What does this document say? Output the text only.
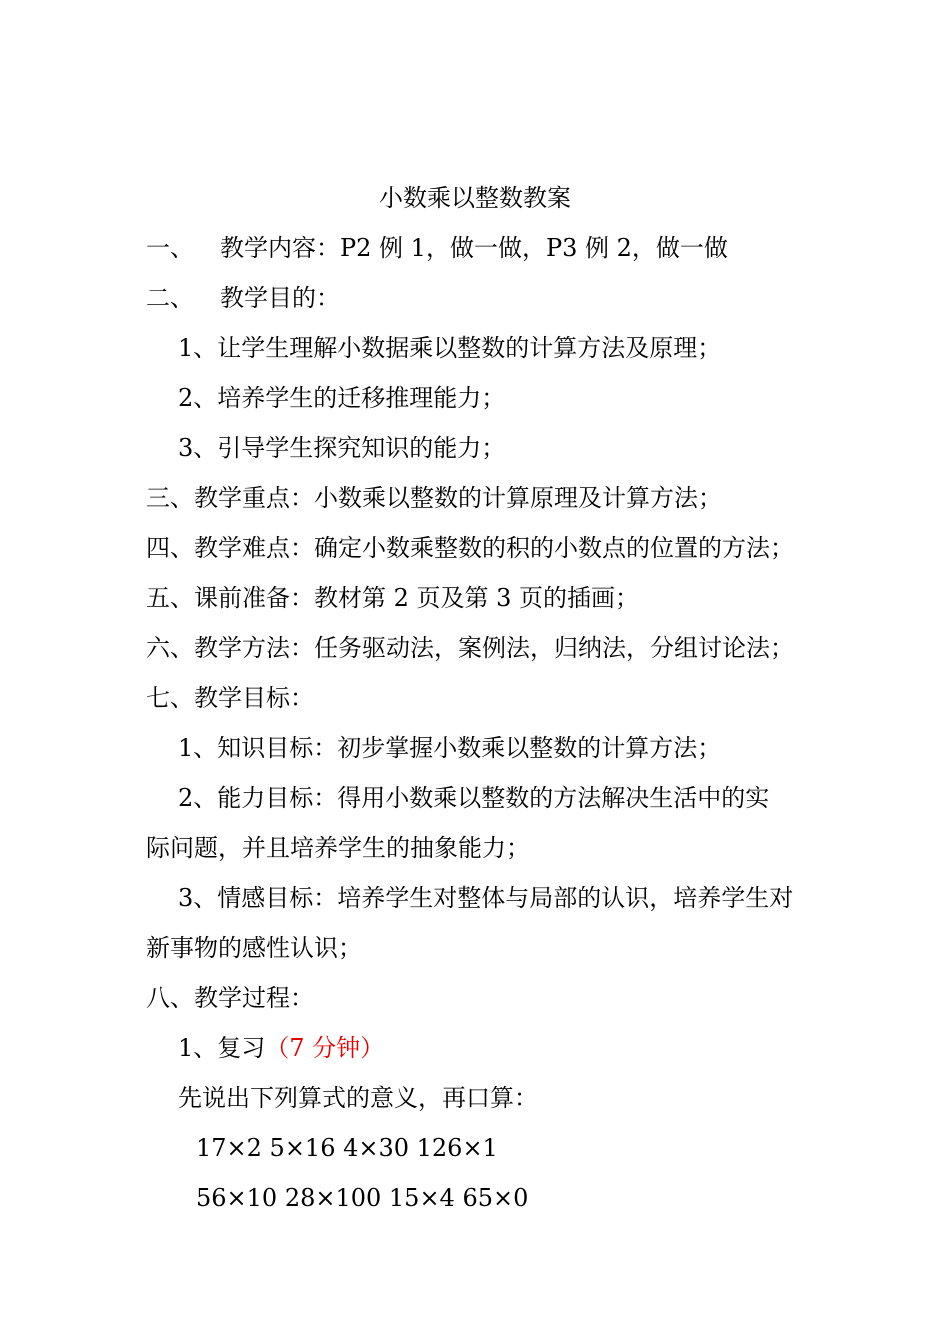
小数乘以整数教案
一、 教学内容：P2 例 1，做一做，P3 例 2，做一做
二、 教学目的：
1、让学生理解小数据乘以整数的计算方法及原理；
2、培养学生的迁移推理能力；
3、引导学生探究知识的能力；
三、教学重点：小数乘以整数的计算原理及计算方法；
四、教学难点：确定小数乘整数的积的小数点的位置的方法；
五、课前准备：教材第 2 页及第 3 页的插画；
六、教学方法：任务驱动法，案例法，归纳法，分组讨论法；
七、教学目标：
1、知识目标：初步掌握小数乘以整数的计算方法；
2、能力目标：得用小数乘以整数的方法解决生活中的实
际问题，并且培养学生的抽象能力；
3、情感目标：培养学生对整体与局部的认识，培养学生对
新事物的感性认识；
八、教学过程：
1、复习（7 分钟）
先说出下列算式的意义，再口算：
17×2 5×16 4×30 126×1
56×10 28×100 15×4 65×0
